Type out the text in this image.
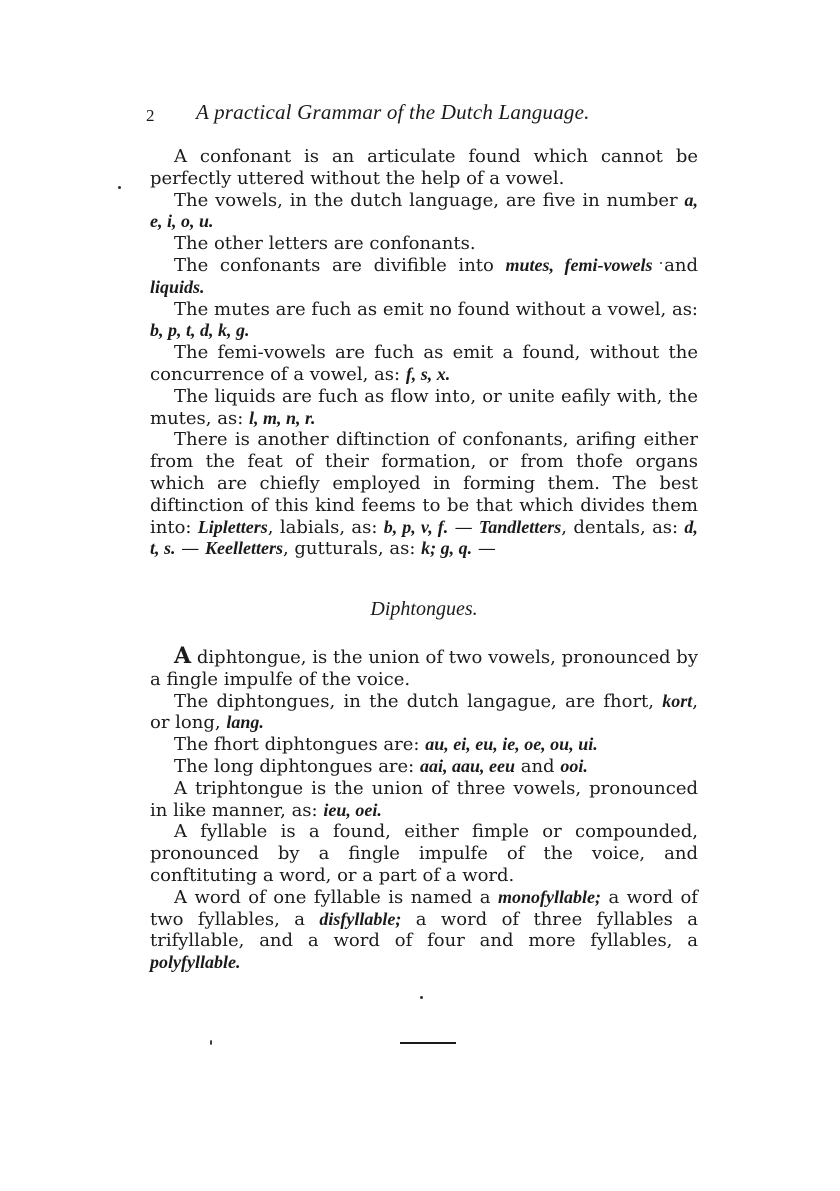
2 A practical Grammar of the Dutch Language.

A confonant is an articulate found which cannot be perfectly uttered without the help of a vowel.

The vowels, in the dutch language, are five in number a, e, i, o, u.

The other letters are confonants.

The confonants are divifible into mutes, femi-vowels and liquids.

The mutes are fuch as emit no found without a vowel, as: b, p, t, d, k, g.

The femi-vowels are fuch as emit a found, without the concurrence of a vowel, as: f, s, x.

The liquids are fuch as flow into, or unite eafily with, the mutes, as: l, m, n, r.

There is another diftinction of confonants, arifing either from the feat of their formation, or from thofe organs which are chiefly employed in forming them. The best diftinction of this kind feems to be that which divides them into: Lipletters, labials, as: b, p, v, f. — Tandletters, dentals, as: d, t, s. — Keelletters, gutturals, as: k; g, q. —

Diphtongues.

A diphtongue, is the union of two vowels, pronounced by a fingle impulfe of the voice.

The diphtongues, in the dutch langague, are fhort, kort, or long, lang.

The fhort diphtongues are: au, ei, eu, ie, oe, ou, ui.

The long diphtongues are: aai, aau, eeu and ooi.

A triphtongue is the union of three vowels, pronounced in like manner, as: ieu, oei.

A fyllable is a found, either fimple or compounded, pronounced by a fingle impulfe of the voice, and conftituting a word, or a part of a word.

A word of one fyllable is named a monofyllable; a word of two fyllables, a disfyllable; a word of three fyllables a trifyllable, and a word of four and more fyllables, a polyfyllable.
